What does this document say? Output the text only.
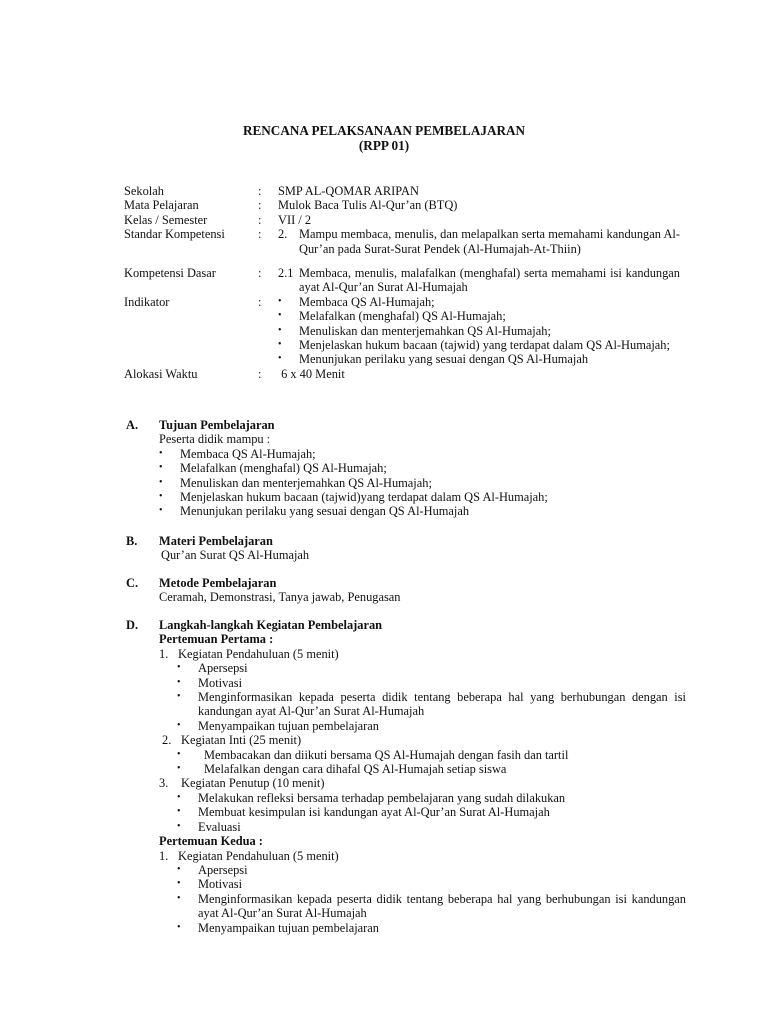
RENCANA PELAKSANAAN PEMBELAJARAN
(RPP 01)
Sekolah	:	SMP AL-QOMAR ARIPAN
Mata Pelajaran	:	Mulok Baca Tulis Al-Qur’an (BTQ)
Kelas / Semester	:	VII / 2
Standar Kompetensi	:	2. Mampu membaca, menulis, dan melapalkan serta memahami kandungan Al-Qur’an pada Surat-Surat Pendek (Al-Humajah-At-Thiin)
Kompetensi Dasar	:	2.1 Membaca, menulis, malafalkan (menghafal) serta memahami isi kandungan ayat Al-Qur’an Surat Al-Humajah
Indikator	:	•	Membaca QS Al-Humajah;
•	Melafalkan (menghafal) QS Al-Humajah;
•	Menuliskan dan menterjemahkan QS Al-Humajah;
•	Menjelaskan hukum bacaan (tajwid) yang terdapat dalam QS Al-Humajah;
•	Menunjukan perilaku yang sesuai dengan QS Al-Humajah
Alokasi Waktu	:	6 x 40 Menit
A.	Tujuan Pembelajaran
Peserta didik mampu :
•	Membaca QS Al-Humajah;
•	Melafalkan (menghafal) QS Al-Humajah;
•	Menuliskan dan menterjemahkan QS Al-Humajah;
•	Menjelaskan hukum bacaan (tajwid)yang terdapat dalam QS Al-Humajah;
•	Menunjukan perilaku yang sesuai dengan QS Al-Humajah
B.	Materi Pembelajaran
Qur’an Surat QS Al-Humajah
C.	Metode Pembelajaran
Ceramah, Demonstrasi, Tanya jawab, Penugasan
D.	Langkah-langkah Kegiatan Pembelajaran
Pertemuan Pertama :
1. Kegiatan Pendahuluan (5 menit)
•	Apersepsi
•	Motivasi
•	Menginformasikan kepada peserta didik tentang beberapa hal yang berhubungan dengan isi kandungan ayat Al-Qur’an Surat Al-Humajah
•	Menyampaikan tujuan pembelajaran
2. Kegiatan Inti (25 menit)
•	Membacakan dan diikuti bersama QS Al-Humajah dengan fasih dan tartil
•	Melafalkan dengan cara dihafal QS Al-Humajah setiap siswa
3.	Kegiatan Penutup (10 menit)
•	Melakukan refleksi bersama terhadap pembelajaran yang sudah dilakukan
•	Membuat kesimpulan isi kandungan ayat Al-Qur’an Surat Al-Humajah
•	Evaluasi
Pertemuan Kedua :
1. Kegiatan Pendahuluan (5 menit)
•	Apersepsi
•	Motivasi
•	Menginformasikan kepada peserta didik tentang beberapa hal yang berhubungan isi kandungan ayat Al-Qur’an Surat Al-Humajah
•	Menyampaikan tujuan pembelajaran
